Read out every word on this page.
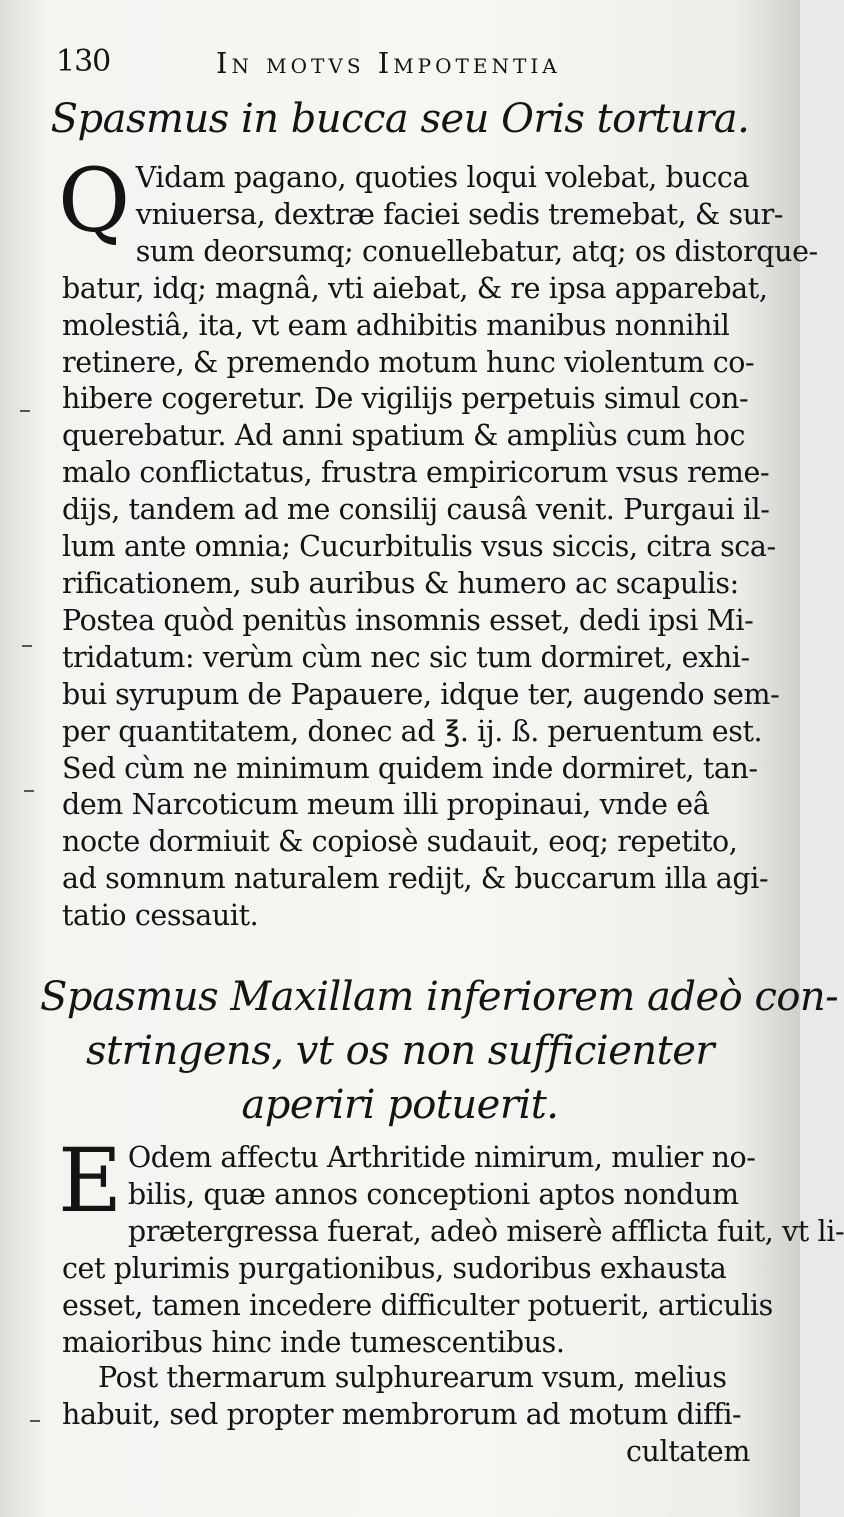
130	In motvs Impotentia
Spasmus in bucca seu Oris tortura.
Q Vidam pagano, quoties loqui volebat, bucca
vniuersa, dextræ faciei sedis tremebat, & sur-
sum deorsumq; conuellebatur, atq; os distorque-
batur, idq; magnâ, vti aiebat, & re ipsa apparebat,
molestiâ, ita, vt eam adhibitis manibus nonnihil
retinere, & premendo motum hunc violentum co-
hibere cogeretur. De vigilijs perpetuis simul con-
querebatur. Ad anni spatium & ampliùs cum hoc
malo conflictatus, frustra empiricorum vsus reme-
dijs, tandem ad me consilij causâ venit. Purgaui il-
lum ante omnia; Cucurbitulis vsus siccis, citra sca-
rificationem, sub auribus & humero ac scapulis:
Postea quòd penitùs insomnis esset, dedi ipsi Mi-
tridatum: verùm cùm nec sic tum dormiret, exhi-
bui syrupum de Papauere, idque ter, augendo sem-
per quantitatem, donec ad ℥. ij. ß. peruentum est.
Sed cùm ne minimum quidem inde dormiret, tan-
dem Narcoticum meum illi propinaui, vnde eâ
nocte dormiuit & copiosè sudauit, eoq; repetito,
ad somnum naturalem redijt, & buccarum illa agi-
tatio cessauit.
Spasmus Maxillam inferiorem adeò con-
stringens, vt os non sufficienter
aperiri potuerit.
E Odem affectu Arthritide nimirum, mulier no-
bilis, quæ annos conceptioni aptos nondum
prætergressa fuerat, adeò miserè afflicta fuit, vt li-
cet plurimis purgationibus, sudoribus exhausta
esset, tamen incedere difficulter potuerit, articulis
maioribus hinc inde tumescentibus.
Post thermarum sulphurearum vsum, melius
habuit, sed propter membrorum ad motum diffi-
cultatem
